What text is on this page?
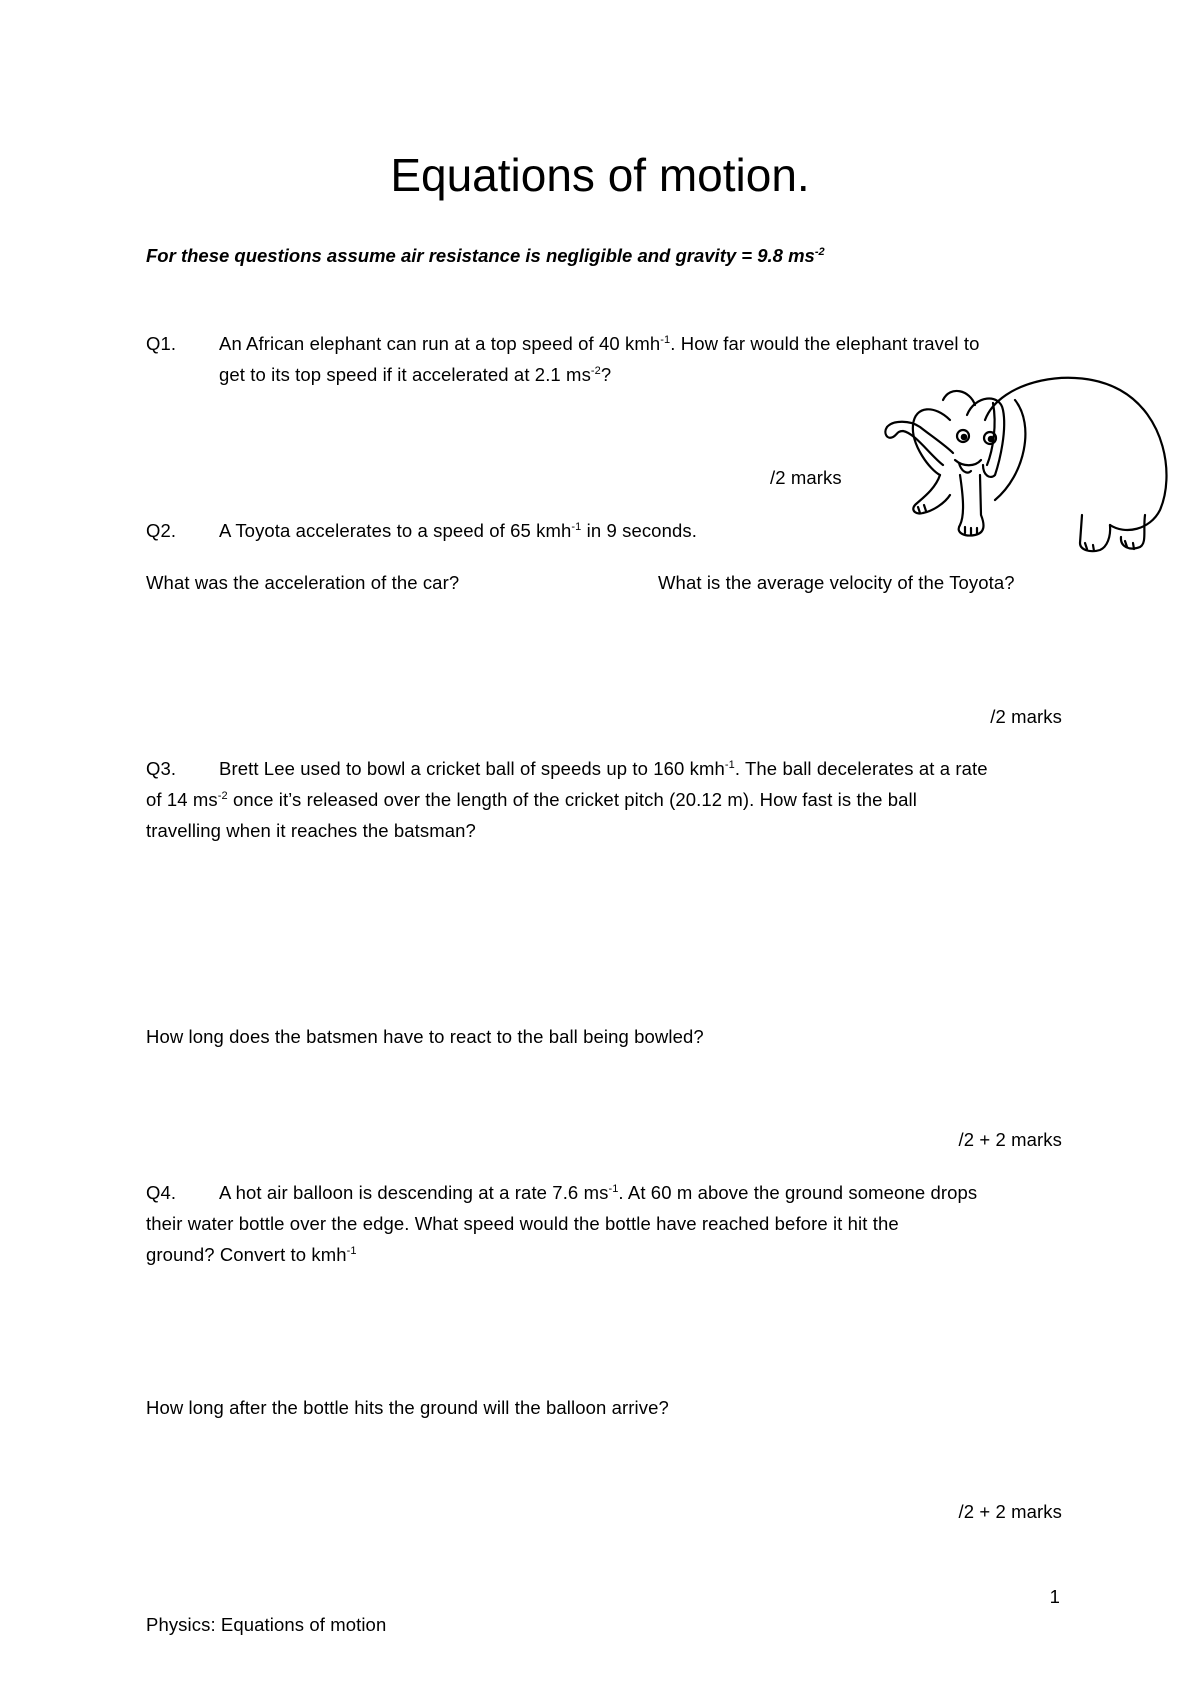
Equations of motion.
For these questions assume air resistance is negligible and gravity = 9.8 $ms^{-2}$
Q1. An African elephant can run at a top speed of 40 kmh$^{-1}$. How far would the elephant travel to
get to its top speed if it accelerated at 2.1 $ms^{-2}$?
/2 marks
Q2. A Toyota accelerates to a speed of 65 kmh$^{-1}$ in 9 seconds.
What was the acceleration of the car?	What is the average velocity of the Toyota?
/2 marks
Q3. Brett Lee used to bowl a cricket ball of speeds up to 160 kmh$^{-1}$. The ball decelerates at a rate
of 14 $ms^{-2}$ once it’s released over the length of the cricket pitch (20.12 m). How fast is the ball
travelling when it reaches the batsman?
How long does the batsmen have to react to the ball being bowled?
/2 + 2 marks
Q4. A hot air balloon is descending at a rate 7.6 $ms^{-1}$. At 60 m above the ground someone drops
their water bottle over the edge. What speed would the bottle have reached before it hit the
ground? Convert to kmh$^{-1}$
How long after the bottle hits the ground will the balloon arrive?
/2 + 2 marks
1
Physics: Equations of motion
